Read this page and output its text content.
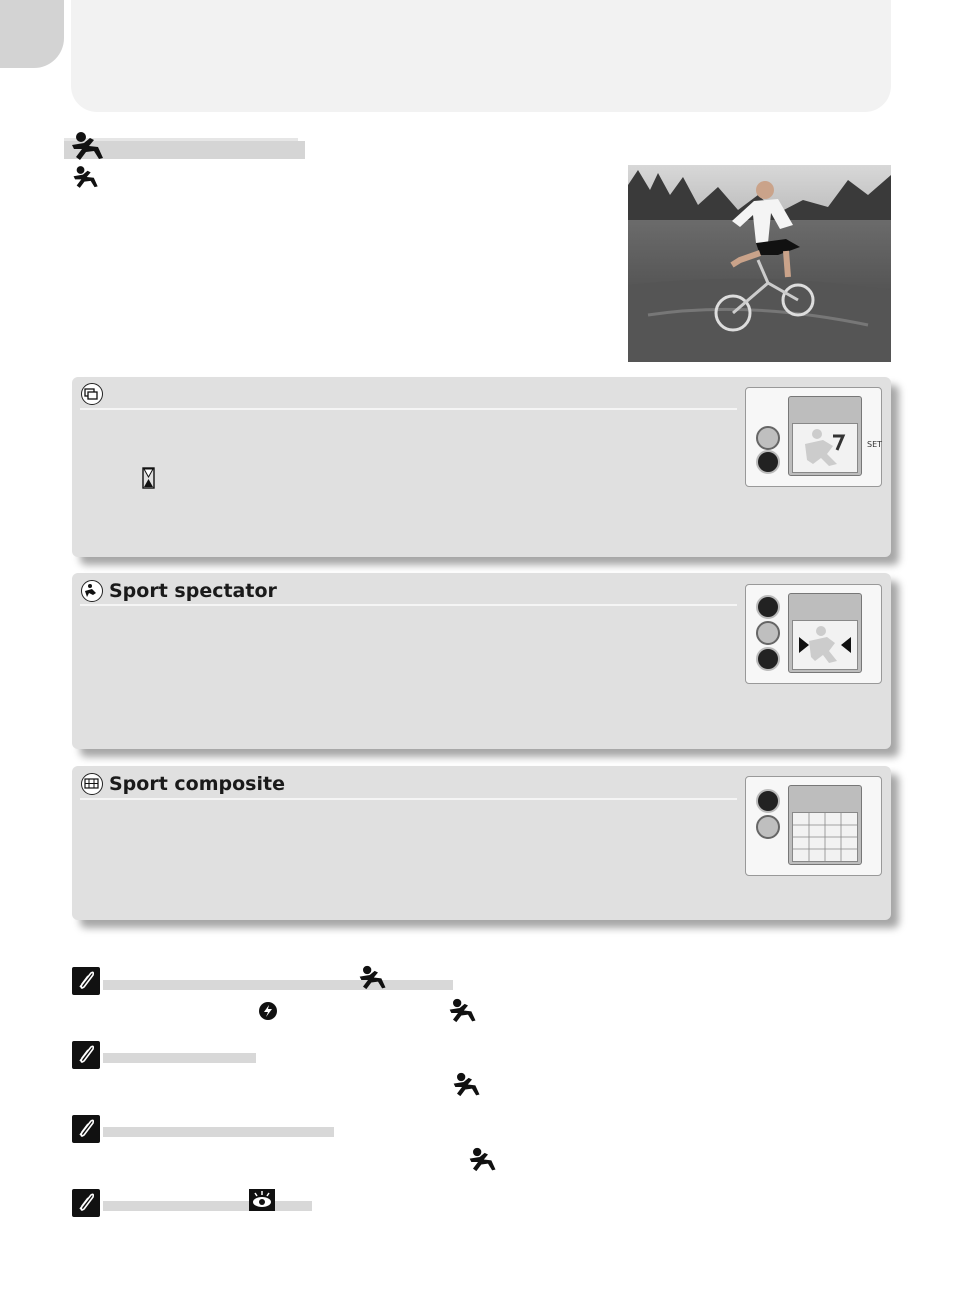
SET
Sport spectator
Sport composite
